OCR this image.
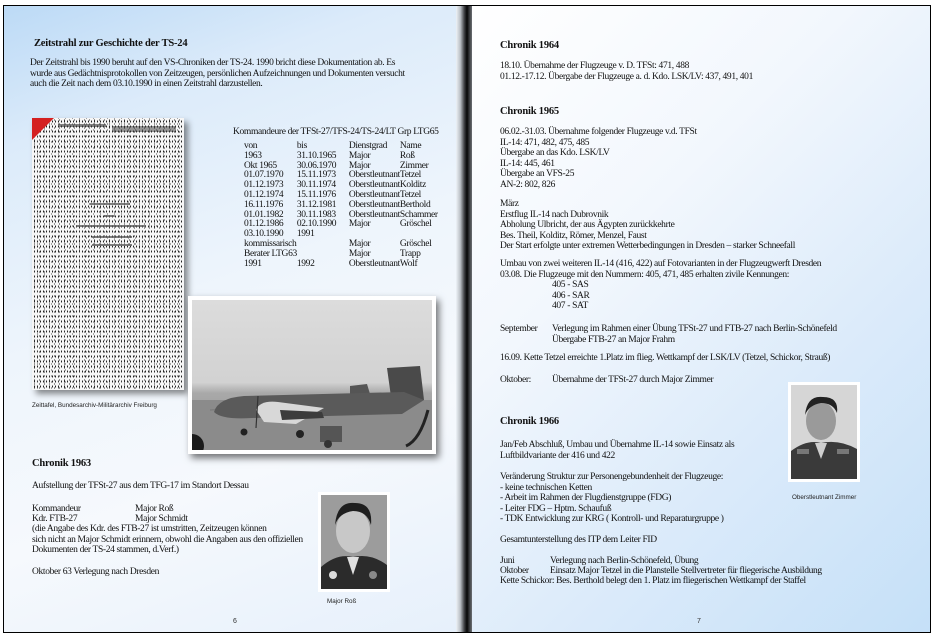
Zeitstrahl zur Geschichte der TS-24
Der Zeitstrahl bis 1990 beruht auf den VS-Chroniken der TS-24. 1990 bricht diese Dokumentation ab. Es
wurde aus Gedächtnisprotokollen von Zeitzeugen, persönlichen Aufzeichnungen und Dokumenten versucht
auch die Zeit nach dem 03.10.1990 in einen Zeitstrahl darzustellen.
Zeittafel, Bundesarchiv-Militärarchiv Freiburg
Kommandeure der TFSt-27/TFS-24/TS-24/LT Grp LTG65
von	bis	Dienstgrad	Name
1963	31.10.1965	Major	Roß
Okt 1965	30.06.1970	Major	Zimmer
01.07.1970	15.11.1973	Oberstleutnant	Tetzel
01.12.1973	30.11.1974	Oberstleutnant	Kolditz
01.12.1974	15.11.1976	Oberstleutnant	Tetzel
16.11.1976	31.12.1981	Oberstleutnant	Berthold
01.01.1982	30.11.1983	Oberstleutnant	Schammer
01.12.1986	02.10.1990	Major	Gröschel
03.10.1990	1991		
kommissarisch		Major	Gröschel
Berater LTG63		Major	Trapp
1991	1992	Oberstleutnant	Wolf
Chronik 1963
Aufstellung der TFSt-27 aus dem TFG-17 im Standort Dessau
Kommandeur	Major Roß
Kdr. FTB-27	Major Schmidt
(die Angabe des Kdr. des FTB-27 ist umstritten, Zeitzeugen können
sich nicht an Major Schmidt erinnern, obwohl die Angaben aus den offiziellen
Dokumenten der TS-24 stammen, d.Verf.)
Oktober 63 Verlegung nach Dresden
Major Roß
6
Chronik 1964
18.10. Übernahme der Flugzeuge v. D. TFSt: 471, 488
01.12.-17.12. Übergabe der Flugzeuge a. d. Kdo. LSK/LV: 437, 491, 401
Chronik 1965
06.02.-31.03. Übernahme folgender Flugzeuge v.d. TFSt
IL-14: 471, 482, 475, 485
Übergabe an das Kdo. LSK/LV
IL-14: 445, 461
Übergabe an VFS-25
AN-2: 802, 826
März
Erstflug IL-14 nach Dubrovnik
Abholung Ulbricht, der aus Ägypten zurückkehrte
Bes. Theil, Kolditz, Römer, Menzel, Faust
Der Start erfolgte unter extremen Wetterbedingungen in Dresden – starker Schneefall
Umbau von zwei weiteren IL-14 (416, 422) auf Fotovarianten in der Flugzeugwerft Dresden
03.08. Die Flugzeuge mit den Nummern: 405, 471, 485 erhalten zivile Kennungen:
405 - SAS
406 - SAR
407 - SAT
September Verlegung im Rahmen einer Übung TFSt-27 und FTB-27 nach Berlin-Schönefeld
Übergabe FTB-27 an Major Frahm
16.09. Kette Tetzel erreichte 1.Platz im flieg. Wettkampf der LSK/LV (Tetzel, Schickor, Strauß)
Oktober: Übernahme der TFSt-27 durch Major Zimmer
Chronik 1966
Jan/Feb Abschluß, Umbau und Übernahme IL-14 sowie Einsatz als
Luftbildvariante der 416 und 422
Veränderung Struktur zur Personengebundenheit der Flugzeuge:
- keine technischen Ketten
- Arbeit im Rahmen der Flugdienstgruppe (FDG)
- Leiter FDG – Hptm. Schaufuß
- TDK Entwicklung zur KRG ( Kontroll- und Reparaturgruppe )
Gesamtunterstellung des ITP dem Leiter FID
Juni	Verlegung nach Berlin-Schönefeld, Übung
Oktober Einsatz Major Tetzel in die Planstelle Stellvertreter für fliegerische Ausbildung
Kette Schickor: Bes. Berthold belegt den 1. Platz im fliegerischen Wettkampf der Staffel
Oberstleutnant Zimmer
7
